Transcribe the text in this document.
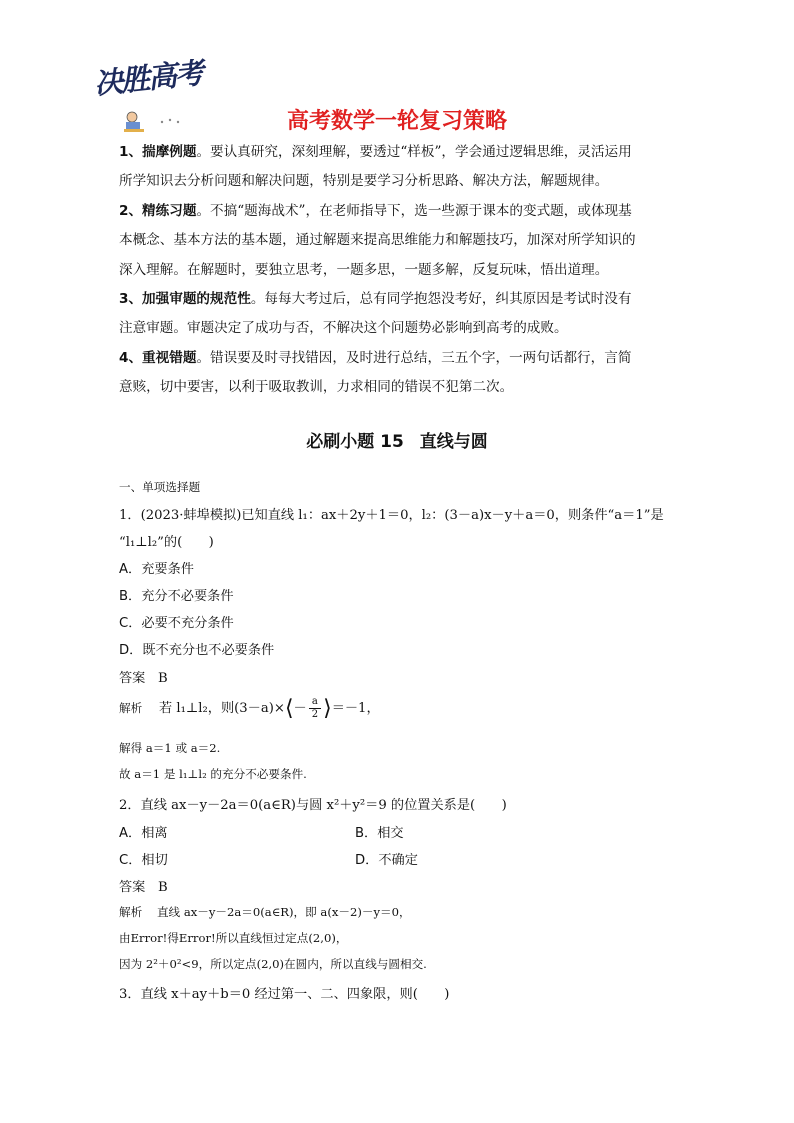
决胜高考
高考数学一轮复习策略
1、揣摩例题。要认真研究，深刻理解，要透过“样板”，学会通过逻辑思维，灵活运用
所学知识去分析问题和解决问题，特别是要学习分析思路、解决方法，解题规律。
2、精练习题。不搞“题海战术”，在老师指导下，选一些源于课本的变式题，或体现基
本概念、基本方法的基本题，通过解题来提高思维能力和解题技巧，加深对所学知识的
深入理解。在解题时，要独立思考，一题多思，一题多解，反复玩味，悟出道理。
3、加强审题的规范性。每每大考过后，总有同学抱怨没考好，纠其原因是考试时没有
注意审题。审题决定了成功与否，不解决这个问题势必影响到高考的成败。
4、重视错题。错误要及时寻找错因，及时进行总结，三五个字，一两句话都行，言简
意赅，切中要害，以利于吸取教训，力求相同的错误不犯第二次。
必刷小题 15 直线与圆
一、单项选择题
1．(2023·蚌埠模拟)已知直线 l₁：ax＋2y＋1＝0，l₂：(3－a)x－y＋a＝0，则条件“a＝1”是
“l₁⊥l₂”的(　　)
A．充要条件
B．充分不必要条件
C．必要不充分条件
D．既不充分也不必要条件
答案 B
解析 若 l₁⊥l₂，则(3－a)×⟨－ $\frac{a}{2}$ ⟩＝－1，
解得 a＝1 或 a＝2.
故 a＝1 是 l₁⊥l₂ 的充分不必要条件.
2．直线 ax－y－2a＝0(a∈R)与圆 x²＋y²＝9 的位置关系是(　　)
A．相离	B．相交
C．相切	D．不确定
答案 B
解析 直线 ax－y－2a＝0(a∈R)，即 a(x－2)－y＝0，
由Error!得Error!所以直线恒过定点(2,0)，
因为 2²＋0²<9，所以定点(2,0)在圆内，所以直线与圆相交.
3．直线 x＋ay＋b＝0 经过第一、二、四象限，则(　　)
